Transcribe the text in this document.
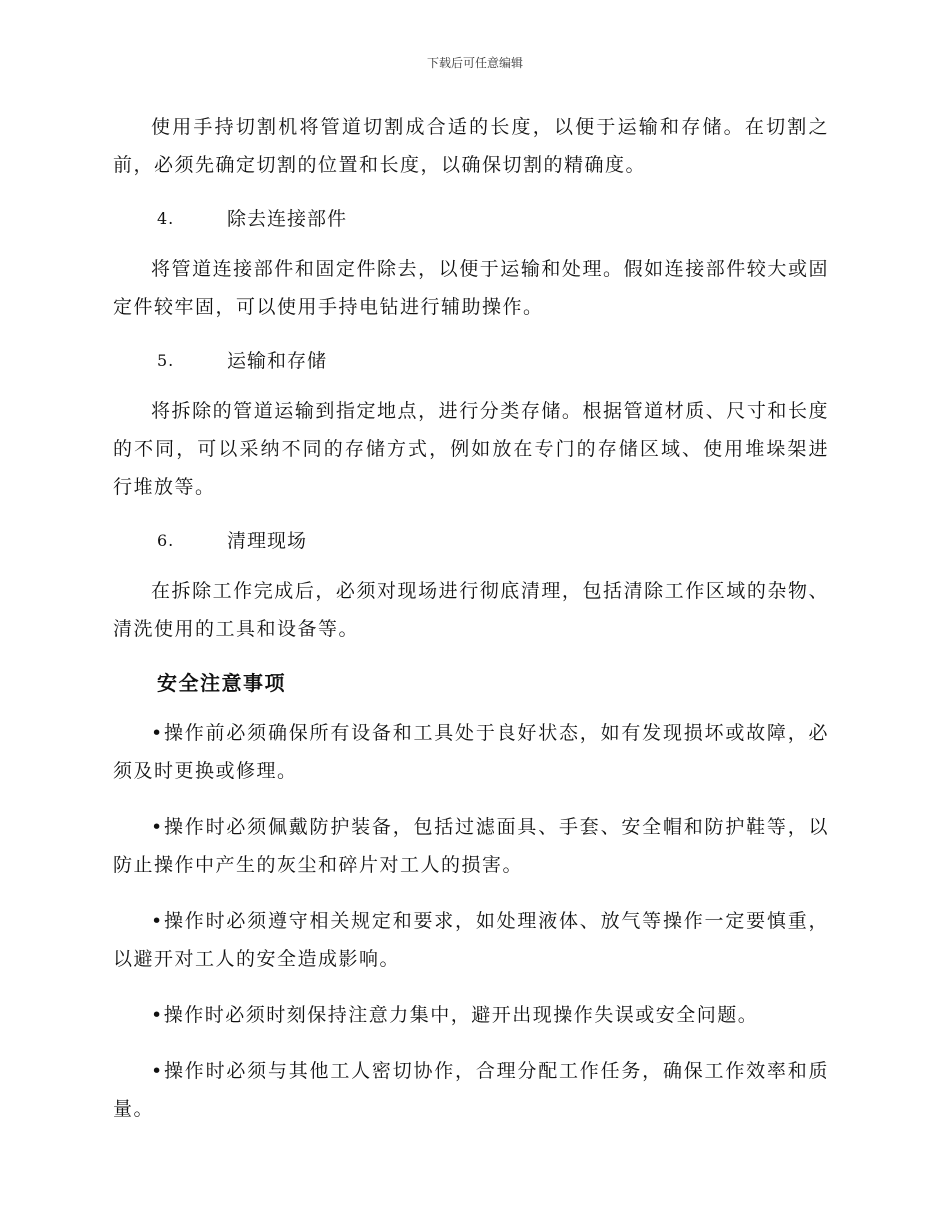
下载后可任意编辑

使用手持切割机将管道切割成合适的长度，以便于运输和存储。在切割之前，必须先确定切割的位置和长度，以确保切割的精确度。

4.	除去连接部件

将管道连接部件和固定件除去，以便于运输和处理。假如连接部件较大或固定件较牢固，可以使用手持电钻进行辅助操作。

5.	运输和存储

将拆除的管道运输到指定地点，进行分类存储。根据管道材质、尺寸和长度的不同，可以采纳不同的存储方式，例如放在专门的存储区域、使用堆垛架进行堆放等。

6.	清理现场

在拆除工作完成后，必须对现场进行彻底清理，包括清除工作区域的杂物、清洗使用的工具和设备等。

安全注意事项

•操作前必须确保所有设备和工具处于良好状态，如有发现损坏或故障，必须及时更换或修理。

•操作时必须佩戴防护装备，包括过滤面具、手套、安全帽和防护鞋等，以防止操作中产生的灰尘和碎片对工人的损害。

•操作时必须遵守相关规定和要求，如处理液体、放气等操作一定要慎重，以避开对工人的安全造成影响。

•操作时必须时刻保持注意力集中，避开出现操作失误或安全问题。

•操作时必须与其他工人密切协作，合理分配工作任务，确保工作效率和质量。
